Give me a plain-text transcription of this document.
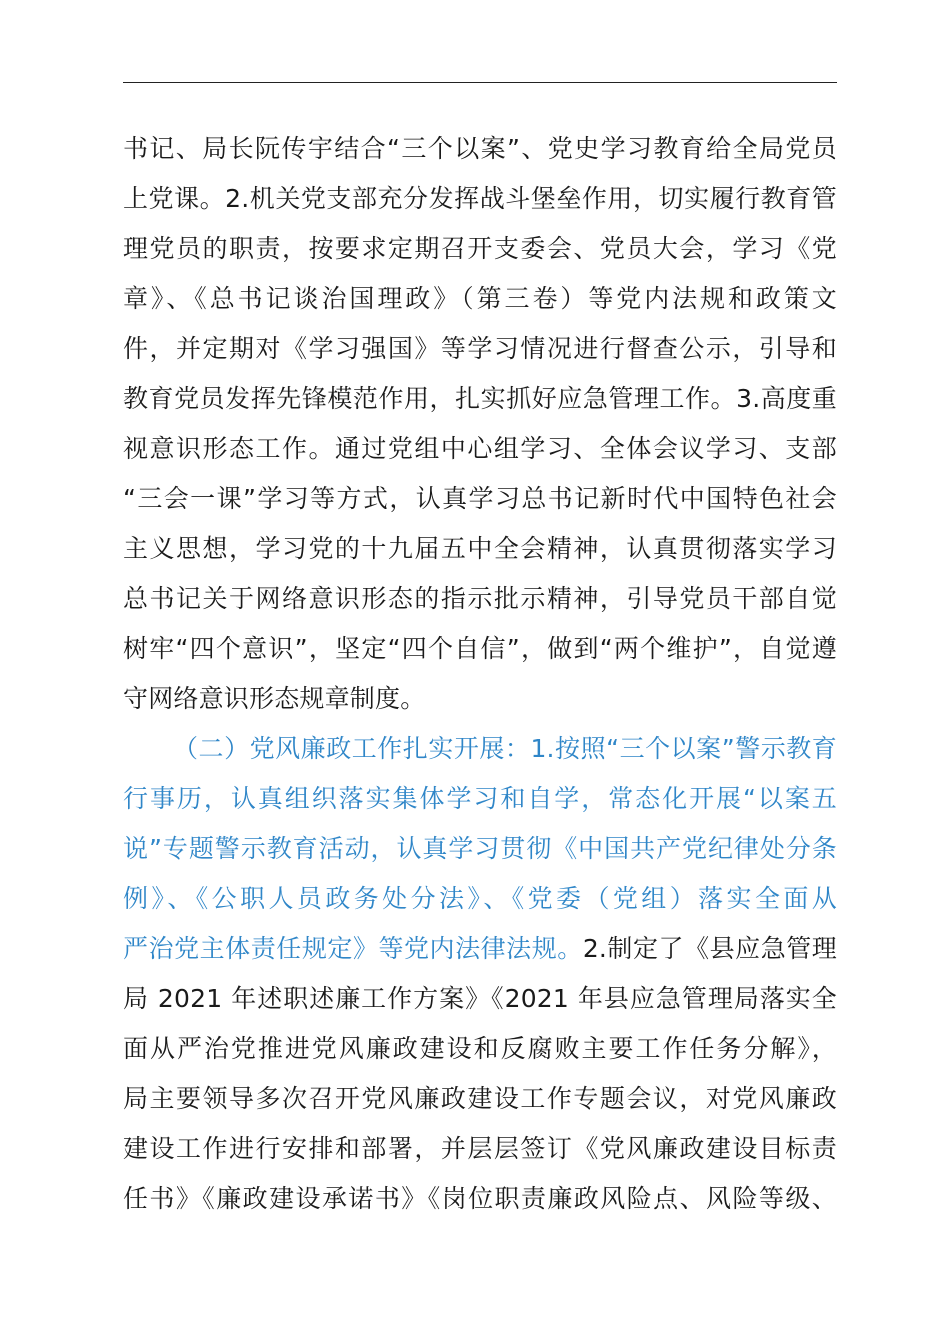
书记、局长阮传宇结合“三个以案”、党史学习教育给全局党员
上党课。2.机关党支部充分发挥战斗堡垒作用，切实履行教育管
理党员的职责，按要求定期召开支委会、党员大会，学习《党
章》、《总书记谈治国理政》（第三卷）等党内法规和政策文
件，并定期对《学习强国》等学习情况进行督查公示，引导和
教育党员发挥先锋模范作用，扎实抓好应急管理工作。3.高度重
视意识形态工作。通过党组中心组学习、全体会议学习、支部
“三会一课”学习等方式，认真学习总书记新时代中国特色社会
主义思想，学习党的十九届五中全会精神，认真贯彻落实学习
总书记关于网络意识形态的指示批示精神，引导党员干部自觉
树牢“四个意识”，坚定“四个自信”，做到“两个维护”，自觉遵
守网络意识形态规章制度。
（二）党风廉政工作扎实开展：1.按照“三个以案”警示教育
行事历，认真组织落实集体学习和自学，常态化开展“以案五
说”专题警示教育活动，认真学习贯彻《中国共产党纪律处分条
例》、《公职人员政务处分法》、《党委（党组）落实全面从
严治党主体责任规定》等党内法律法规。2.制定了《县应急管理
局 2021 年述职述廉工作方案》《2021 年县应急管理局落实全
面从严治党推进党风廉政建设和反腐败主要工作任务分解》，
局主要领导多次召开党风廉政建设工作专题会议，对党风廉政
建设工作进行安排和部署，并层层签订《党风廉政建设目标责
任书》《廉政建设承诺书》《岗位职责廉政风险点、风险等级、
